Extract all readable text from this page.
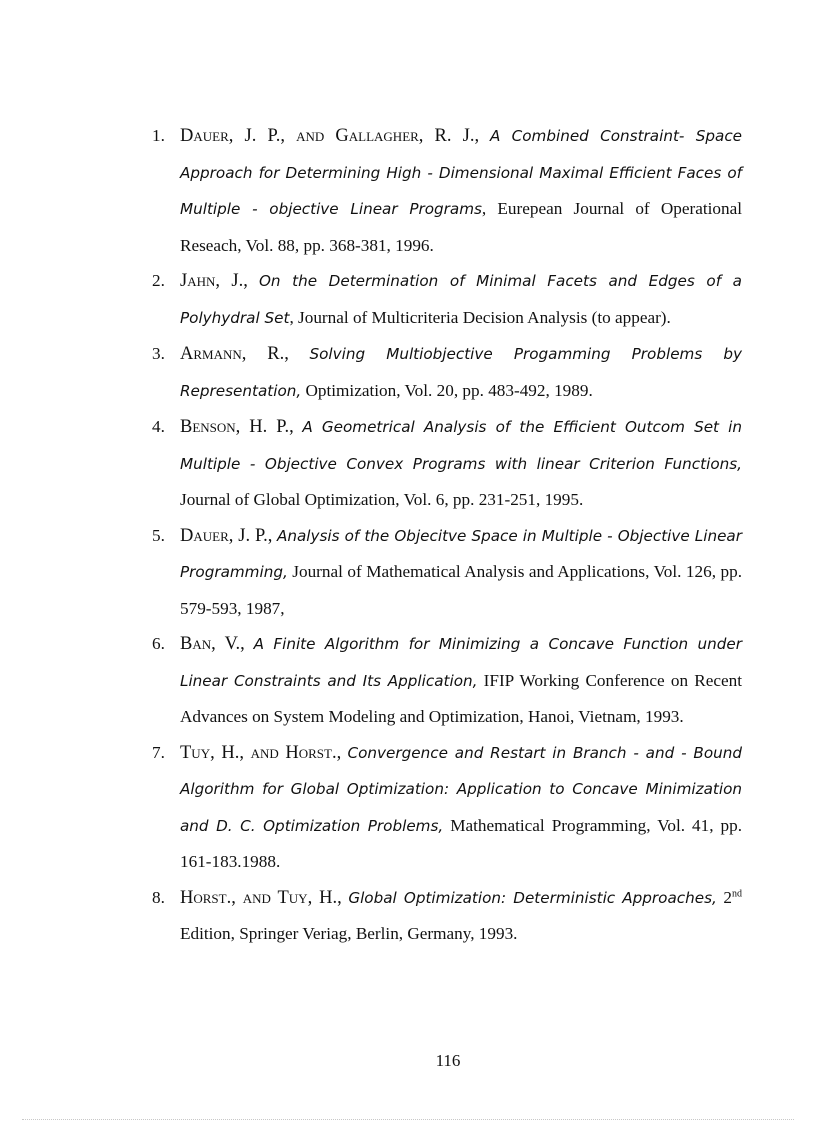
1. Dauer, J. P., and Gallagher, R. J., A Combined Constraint- Space Approach for Determining High - Dimensional Maximal Efficient Faces of Multiple - objective Linear Programs, Eurepean Journal of Operational Reseach, Vol. 88, pp. 368-381, 1996.
2. Jahn, J., On the Determination of Minimal Facets and Edges of a Polyhydral Set, Journal of Multicriteria Decision Analysis (to appear).
3. Armann, R., Solving Multiobjective Progamming Problems by Representation, Optimization, Vol. 20, pp. 483-492, 1989.
4. Benson, H. P., A Geometrical Analysis of the Efficient Outcom Set in Multiple - Objective Convex Programs with linear Criterion Functions, Journal of Global Optimization, Vol. 6, pp. 231-251, 1995.
5. Dauer, J. P., Analysis of the Objecitve Space in Multiple - Objective Linear Programming, Journal of Mathematical Analysis and Applications, Vol. 126, pp. 579-593, 1987,
6. Ban, V., A Finite Algorithm for Minimizing a Concave Function under Linear Constraints and Its Application, IFIP Working Conference on Recent Advances on System Modeling and Optimization, Hanoi, Vietnam, 1993.
7. Tuy, H., and Horst., Convergence and Restart in Branch - and - Bound Algorithm for Global Optimization: Application to Concave Minimization and D. C. Optimization Problems, Mathematical Programming, Vol. 41, pp. 161-183.1988.
8. Horst., and Tuy, H., Global Optimization: Deterministic Approaches, 2nd Edition, Springer Veriag, Berlin, Germany, 1993.
116
